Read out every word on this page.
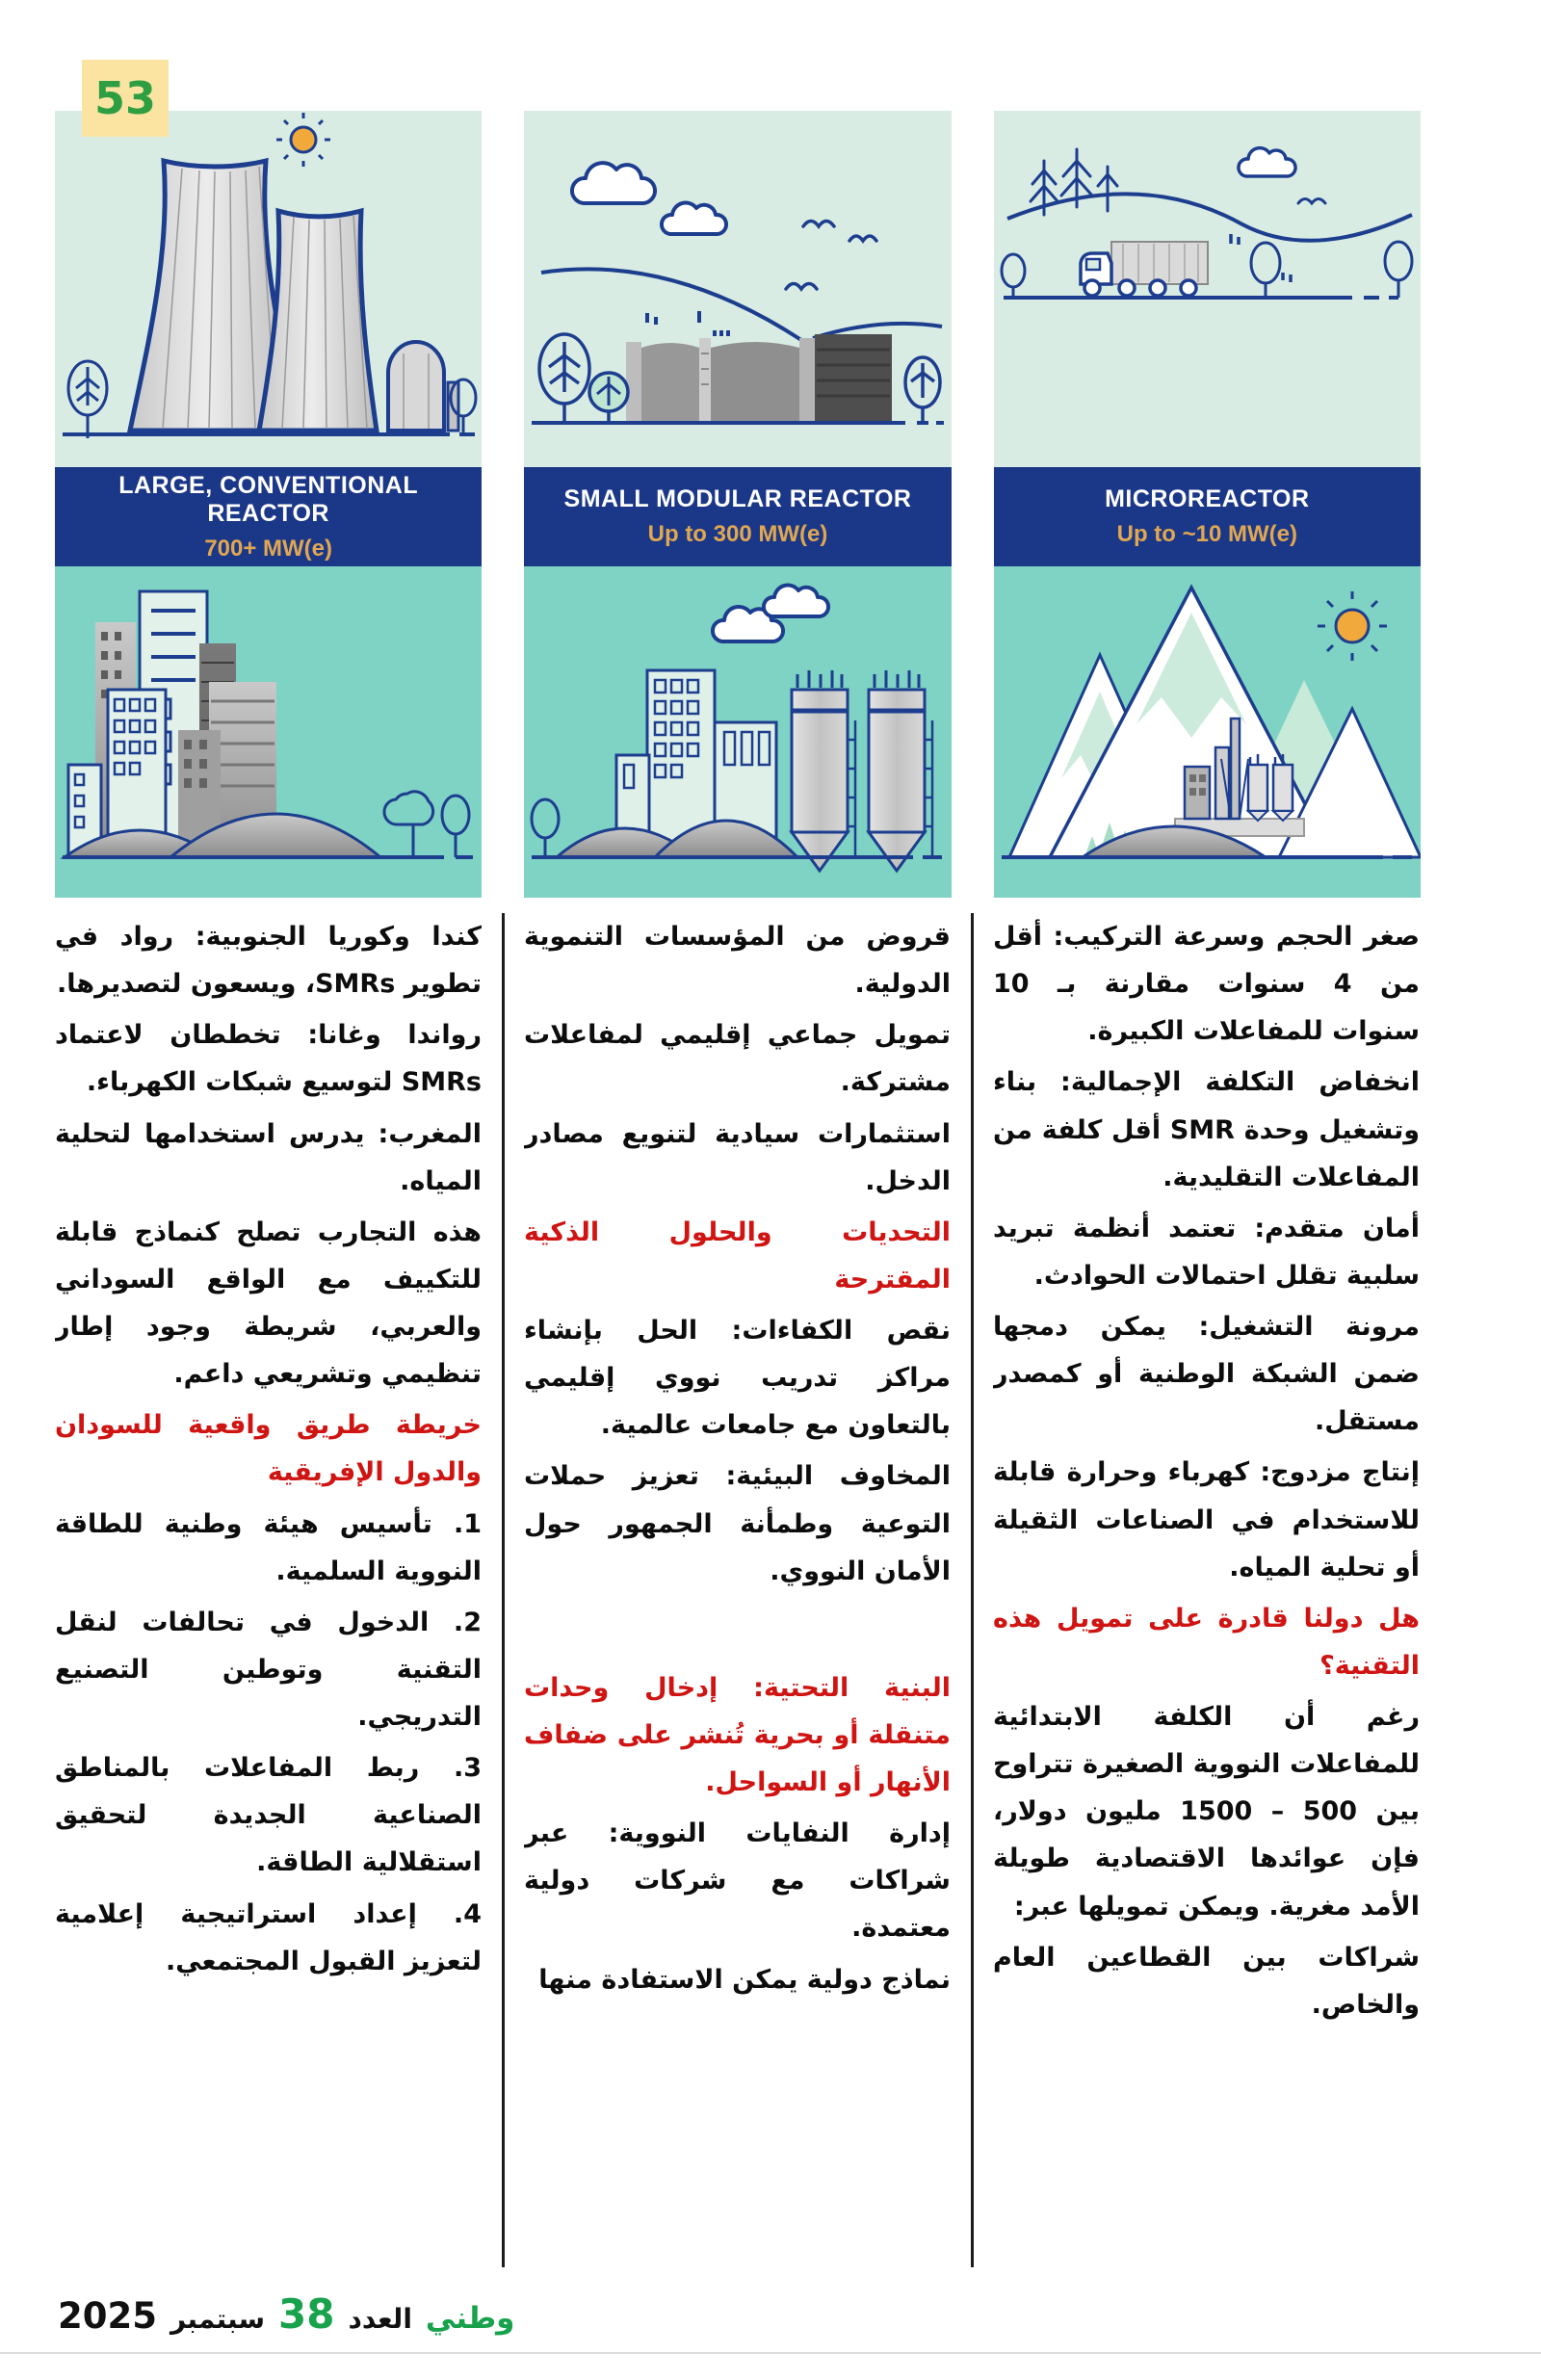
53
LARGE, CONVENTIONAL REACTOR
700+ MW(e)
SMALL MODULAR REACTOR
Up to 300 MW(e)
MICROREACTOR
Up to ~10 MW(e)

كندا وكوريا الجنوبية: رواد في تطوير SMRs، ويسعون لتصديرها.

رواندا وغانا: تخططان لاعتماد SMRs لتوسيع شبكات الكهرباء.

المغرب: يدرس استخدامها لتحلية المياه.

هذه التجارب تصلح كنماذج قابلة للتكييف مع الواقع السوداني والعربي، شريطة وجود إطار تنظيمي وتشريعي داعم.

خريطة طريق واقعية للسودان والدول الإفريقية

1. تأسيس هيئة وطنية للطاقة النووية السلمية.

2. الدخول في تحالفات لنقل التقنية وتوطين التصنيع التدريجي.

3. ربط المفاعلات بالمناطق الصناعية الجديدة لتحقيق استقلالية الطاقة.

4. إعداد استراتيجية إعلامية لتعزيز القبول المجتمعي.

قروض من المؤسسات التنموية الدولية.

تمويل جماعي إقليمي لمفاعلات مشتركة.

استثمارات سيادية لتنويع مصادر الدخل.

التحديات والحلول الذكية المقترحة

نقص الكفاءات: الحل بإنشاء مراكز تدريب نووي إقليمي بالتعاون مع جامعات عالمية.

المخاوف البيئية: تعزيز حملات التوعية وطمأنة الجمهور حول الأمان النووي.

البنية التحتية: إدخال وحدات متنقلة أو بحرية تُنشر على ضفاف الأنهار أو السواحل.

إدارة النفايات النووية: عبر شراكات مع شركات دولية معتمدة.

نماذج دولية يمكن الاستفادة منها

صغر الحجم وسرعة التركيب: أقل من 4 سنوات مقارنة بـ 10 سنوات للمفاعلات الكبيرة.

انخفاض التكلفة الإجمالية: بناء وتشغيل وحدة SMR أقل كلفة من المفاعلات التقليدية.

أمان متقدم: تعتمد أنظمة تبريد سلبية تقلل احتمالات الحوادث.

مرونة التشغيل: يمكن دمجها ضمن الشبكة الوطنية أو كمصدر مستقل.

إنتاج مزدوج: كهرباء وحرارة قابلة للاستخدام في الصناعات الثقيلة أو تحلية المياه.

هل دولنا قادرة على تمويل هذه التقنية؟

رغم أن الكلفة الابتدائية للمفاعلات النووية الصغيرة تتراوح بين 500 – 1500 مليون دولار، فإن عوائدها الاقتصادية طويلة الأمد مغرية. ويمكن تمويلها عبر:

شراكات بين القطاعين العام والخاص.

وطني
العدد
38
سبتمبر
2025
